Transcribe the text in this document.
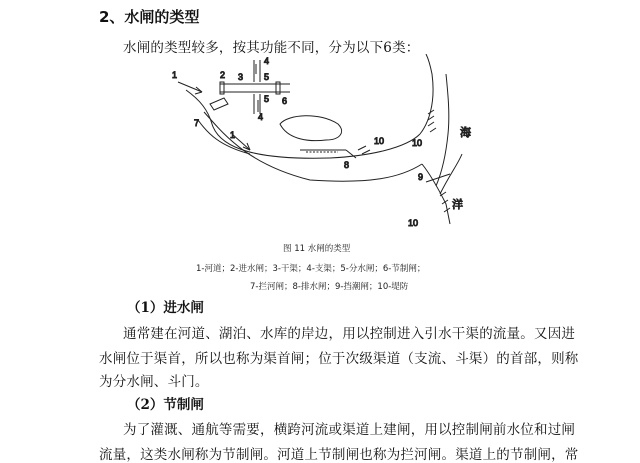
2、水闸的类型
水闸的类型较多，按其功能不同，分为以下6类：
1	2 3
4
5
5
4
6
7
1
8
10	10
9
10
海
洋
图 11 水闸的类型
1-河道；2-进水闸；3-干渠；4-支渠；5-分水闸；6-节制闸；
7-拦河闸；8-排水闸；9-挡潮闸；10-堤防
（1）进水闸
通常建在河道、湖泊、水库的岸边，用以控制进入引水干渠的流量。又因进
水闸位于渠首，所以也称为渠首闸；位于次级渠道（支流、斗渠）的首部，则称
为分水闸、斗门。
（2）节制闸
为了灌溉、通航等需要，横跨河流或渠道上建闸，用以控制闸前水位和过闸
流量，这类水闸称为节制闸。河道上节制闸也称为拦河闸。渠道上的节制闸，常
